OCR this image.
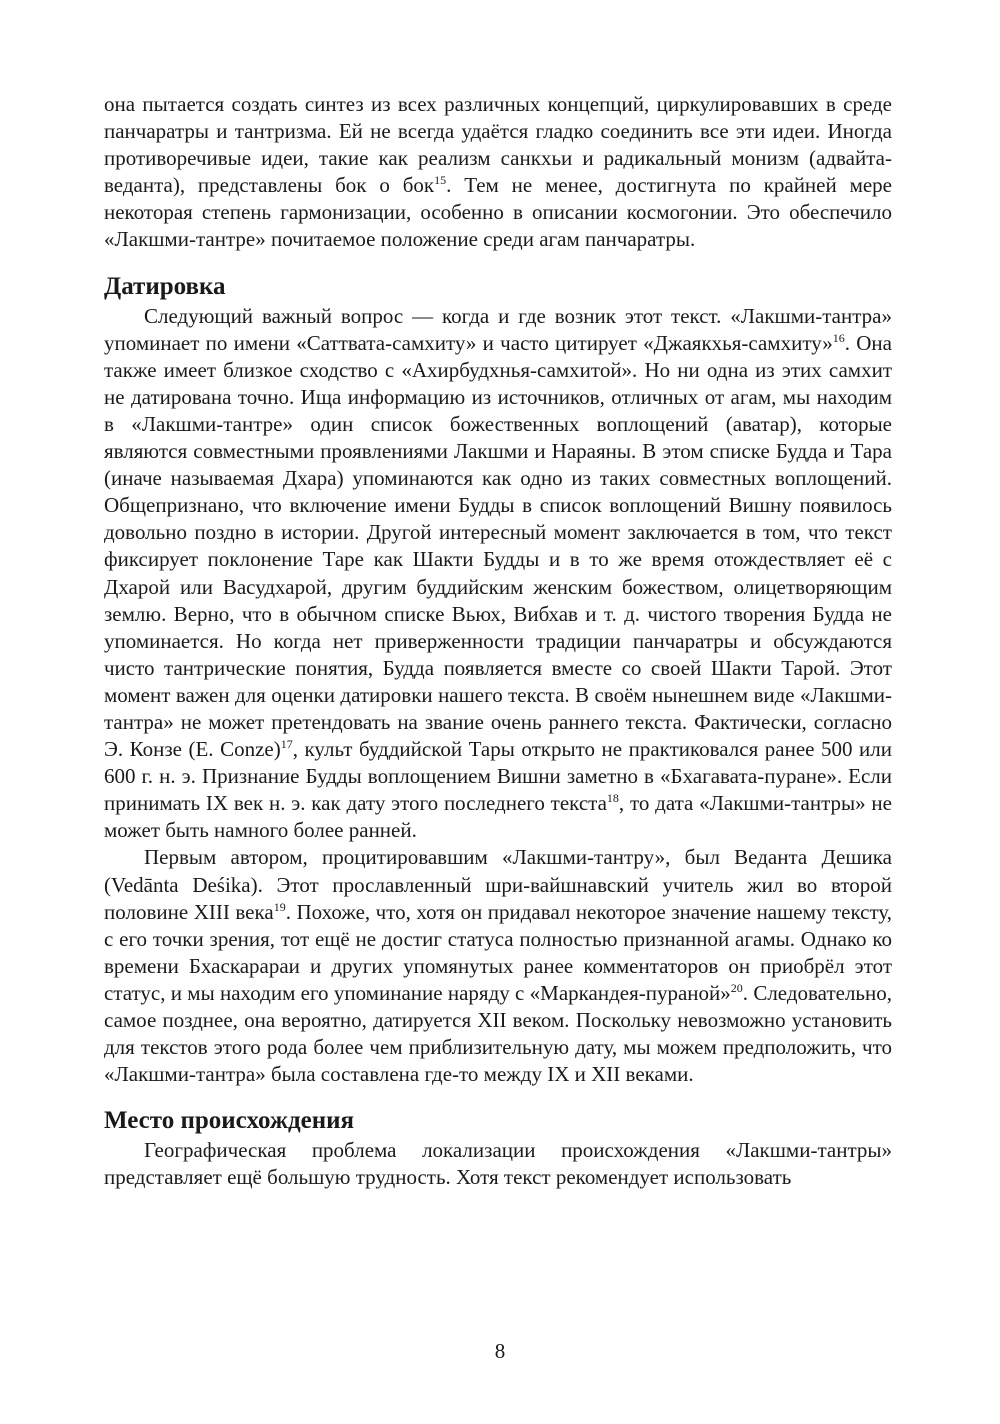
она пытается создать синтез из всех различных концепций, циркулировавших в среде панчаратры и тантризма. Ей не всегда удаётся гладко соединить все эти идеи. Иногда противоречивые идеи, такие как реализм санкхьи и радикальный монизм (адвайта-веданта), представлены бок о бок$^{15}$. Тем не менее, достигнута по крайней мере некоторая степень гармонизации, особенно в описании космогонии. Это обеспечило «Лакшми-тантре» почитаемое положение среди агам панчаратры.

Датировка

Следующий важный вопрос — когда и где возник этот текст. «Лакшми-тантра» упоминает по имени «Саттвата-самхиту» и часто цитирует «Джаякхья-самхиту»$^{16}$. Она также имеет близкое сходство с «Ахирбудхнья-самхитой». Но ни одна из этих самхит не датирована точно. Ища информацию из источников, отличных от агам, мы находим в «Лакшми-тантре» один список божественных воплощений (аватар), которые являются совместными проявлениями Лакшми и Нараяны. В этом списке Будда и Тара (иначе называемая Дхара) упоминаются как одно из таких совместных воплощений. Общепризнано, что включение имени Будды в список воплощений Вишну появилось довольно поздно в истории. Другой интересный момент заключается в том, что текст фиксирует поклонение Таре как Шакти Будды и в то же время отождествляет её с Дхарой или Васудхарой, другим буддийским женским божеством, олицeтворяющим землю. Верно, что в обычном списке Вьюх, Вибхав и т. д. чистого творения Будда не упоминается. Но когда нет приверженности традиции панчаратры и обсуждаются чисто тантрические понятия, Будда появляется вместе со своей Шакти Тарой. Этот момент важен для оценки датировки нашего текста. В своём нынешнем виде «Лакшми-тантра» не может претендовать на звание очень раннего текста. Фактически, согласно Э. Конзе (E. Conze)$^{17}$, культ буддийской Тары открыто не практиковался ранее 500 или 600 г. н. э. Признание Будды воплощением Вишни заметно в «Бхагавата-пуране». Если принимать IX век н. э. как дату этого последнего текста$^{18}$, то дата «Лакшми-тантры» не может быть намного более ранней.

Первым автором, процитировавшим «Лакшми-тантру», был Веданта Дешика (Vedānta Deśika). Этот прославленный шри-вайшнавский учитель жил во второй половине XIII века$^{19}$. Похоже, что, хотя он придавал некоторое значение нашему тексту, с его точки зрения, тот ещё не достиг статуса полностью признанной агамы. Однако ко времени Бхаскарараи и других упомянутых ранее комментаторов он приобрёл этот статус, и мы находим его упоминание наряду с «Маркандея-пураной»$^{20}$. Следовательно, самое позднее, она вероятно, датируется XII веком. Поскольку невозможно установить для текстов этого рода более чем приблизительную дату, мы можем предположить, что «Лакшми-тантра» была составлена где-то между IX и XII веками.

Место происхождения

Географическая проблема локализации происхождения «Лакшми-тантры» представляет ещё большую трудность. Хотя текст рекомендует использовать

8
